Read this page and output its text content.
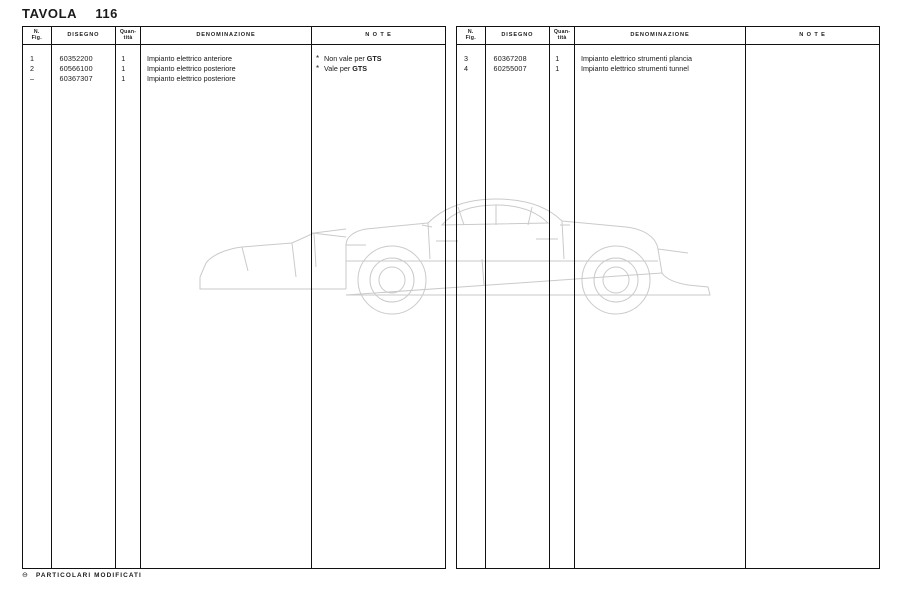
TAVOLA 116
N.
Fig.
1
2
–
DISEGNO
60352200
60566100
60367307
Quan-
tità
1
1
1
DENOMINAZIONE
Impianto elettrico anteriore
Impianto elettrico posteriore
Impianto elettrico posteriore
N O T E
* Non vale per GTS
* Vale per GTS
N.
Fig.
3
4
DISEGNO
60367208
60255007
Quan-
tità
1
1
DENOMINAZIONE
Impianto elettrico strumenti plancia
Impianto elettrico strumenti tunnel
N O T E
⊖ PARTICOLARI MODIFICATI
